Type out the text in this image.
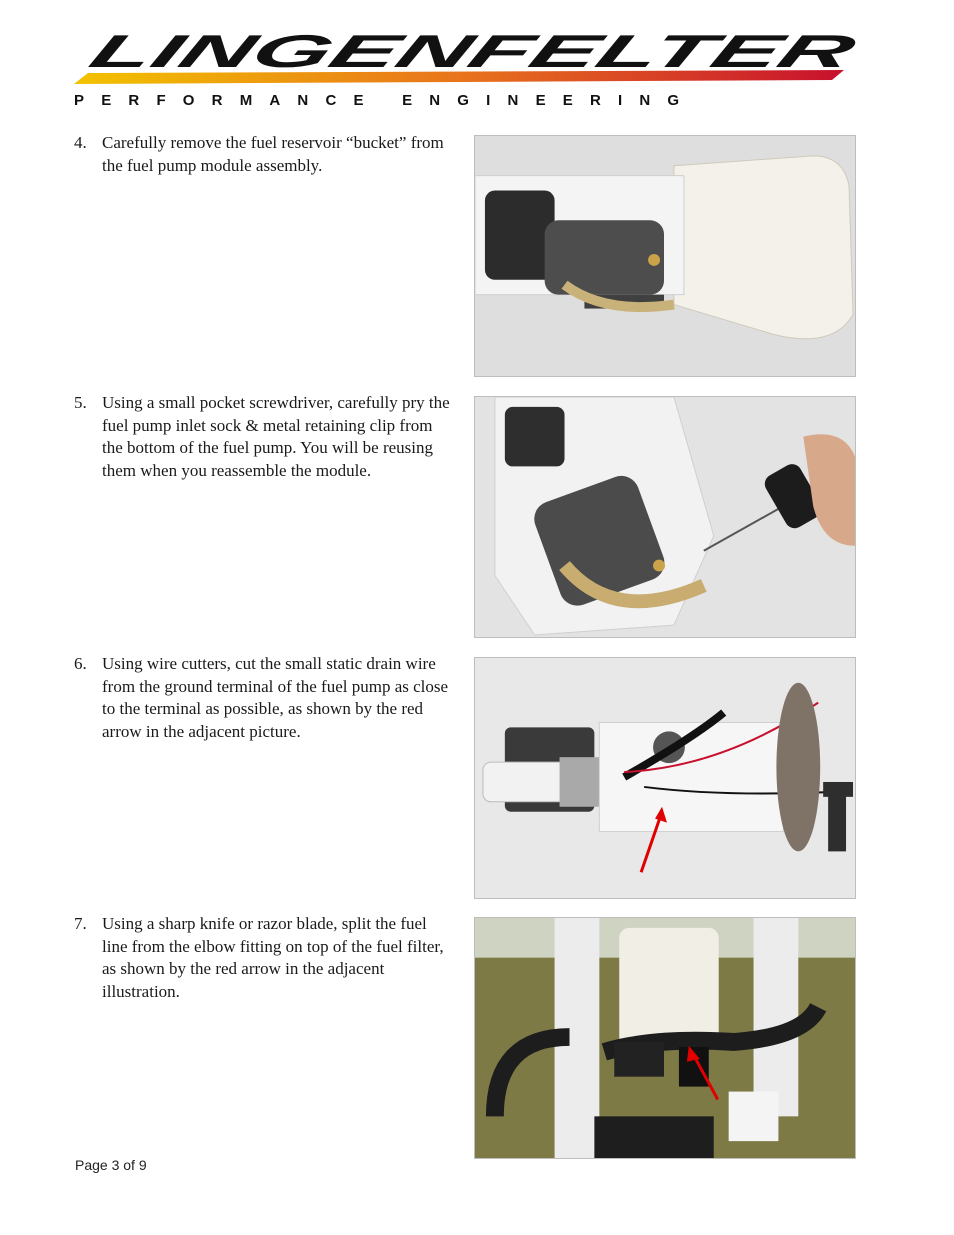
LINGENFELTER
PERFORMANCE ENGINEERING
4. Carefully remove the fuel reservoir “bucket” from the fuel pump module assembly.
5. Using a small pocket screwdriver, carefully pry the fuel pump inlet sock & metal retaining clip from the bottom of the fuel pump. You will be reusing them when you reassemble the module.
6. Using wire cutters, cut the small static drain wire from the ground terminal of the fuel pump as close to the terminal as possible, as shown by the red arrow in the adjacent picture.
7. Using a sharp knife or razor blade, split the fuel line from the elbow fitting on top of the fuel filter, as shown by the red arrow in the adjacent illustration.
Page 3 of 9
